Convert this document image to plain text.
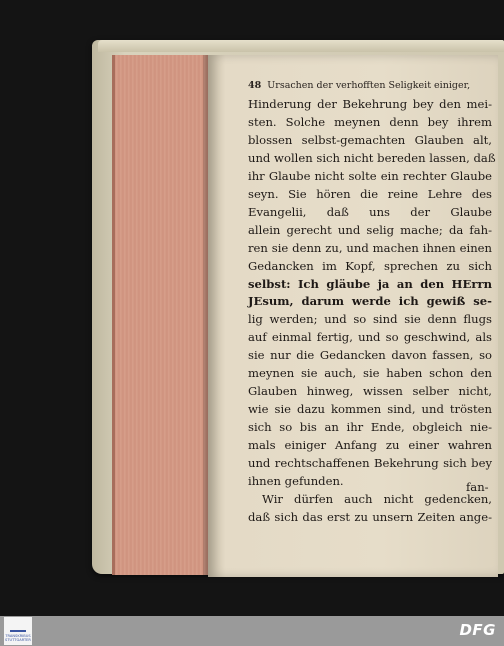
48 Ursachen der verhofften Seligkeit einiger,
Hinderung der Bekehrung bey den mei-
sten. Solche meynen denn bey ihrem
blossen selbst-gemachten Glauben alt,
und wollen sich nicht bereden lassen, daß
ihr Glaube nicht solte ein rechter Glaube
seyn. Sie hören die reine Lehre des
Evangelii, daß uns der Glaube
allein gerecht und selig mache; da fah-
ren sie denn zu, und machen ihnen einen
Gedancken im Kopf, sprechen zu sich
selbst: Ich gläube ja an den HErrn
JEsum, darum werde ich gewiß se-
lig werden; und so sind sie denn flugs
auf einmal fertig, und so geschwind, als
sie nur die Gedancken davon fassen, so
meynen sie auch, sie haben schon den
Glauben hinweg, wissen selber nicht,
wie sie dazu kommen sind, und trösten
sich so bis an ihr Ende, obgleich nie-
mals einiger Anfang zu einer wahren
und rechtschaffenen Bekehrung sich bey
ihnen gefunden.
Wir dürfen auch nicht gedencken,
daß sich das erst zu unsern Zeiten ange-
fan-
TRANSKRIBUS STUTTGARTER
DFG
